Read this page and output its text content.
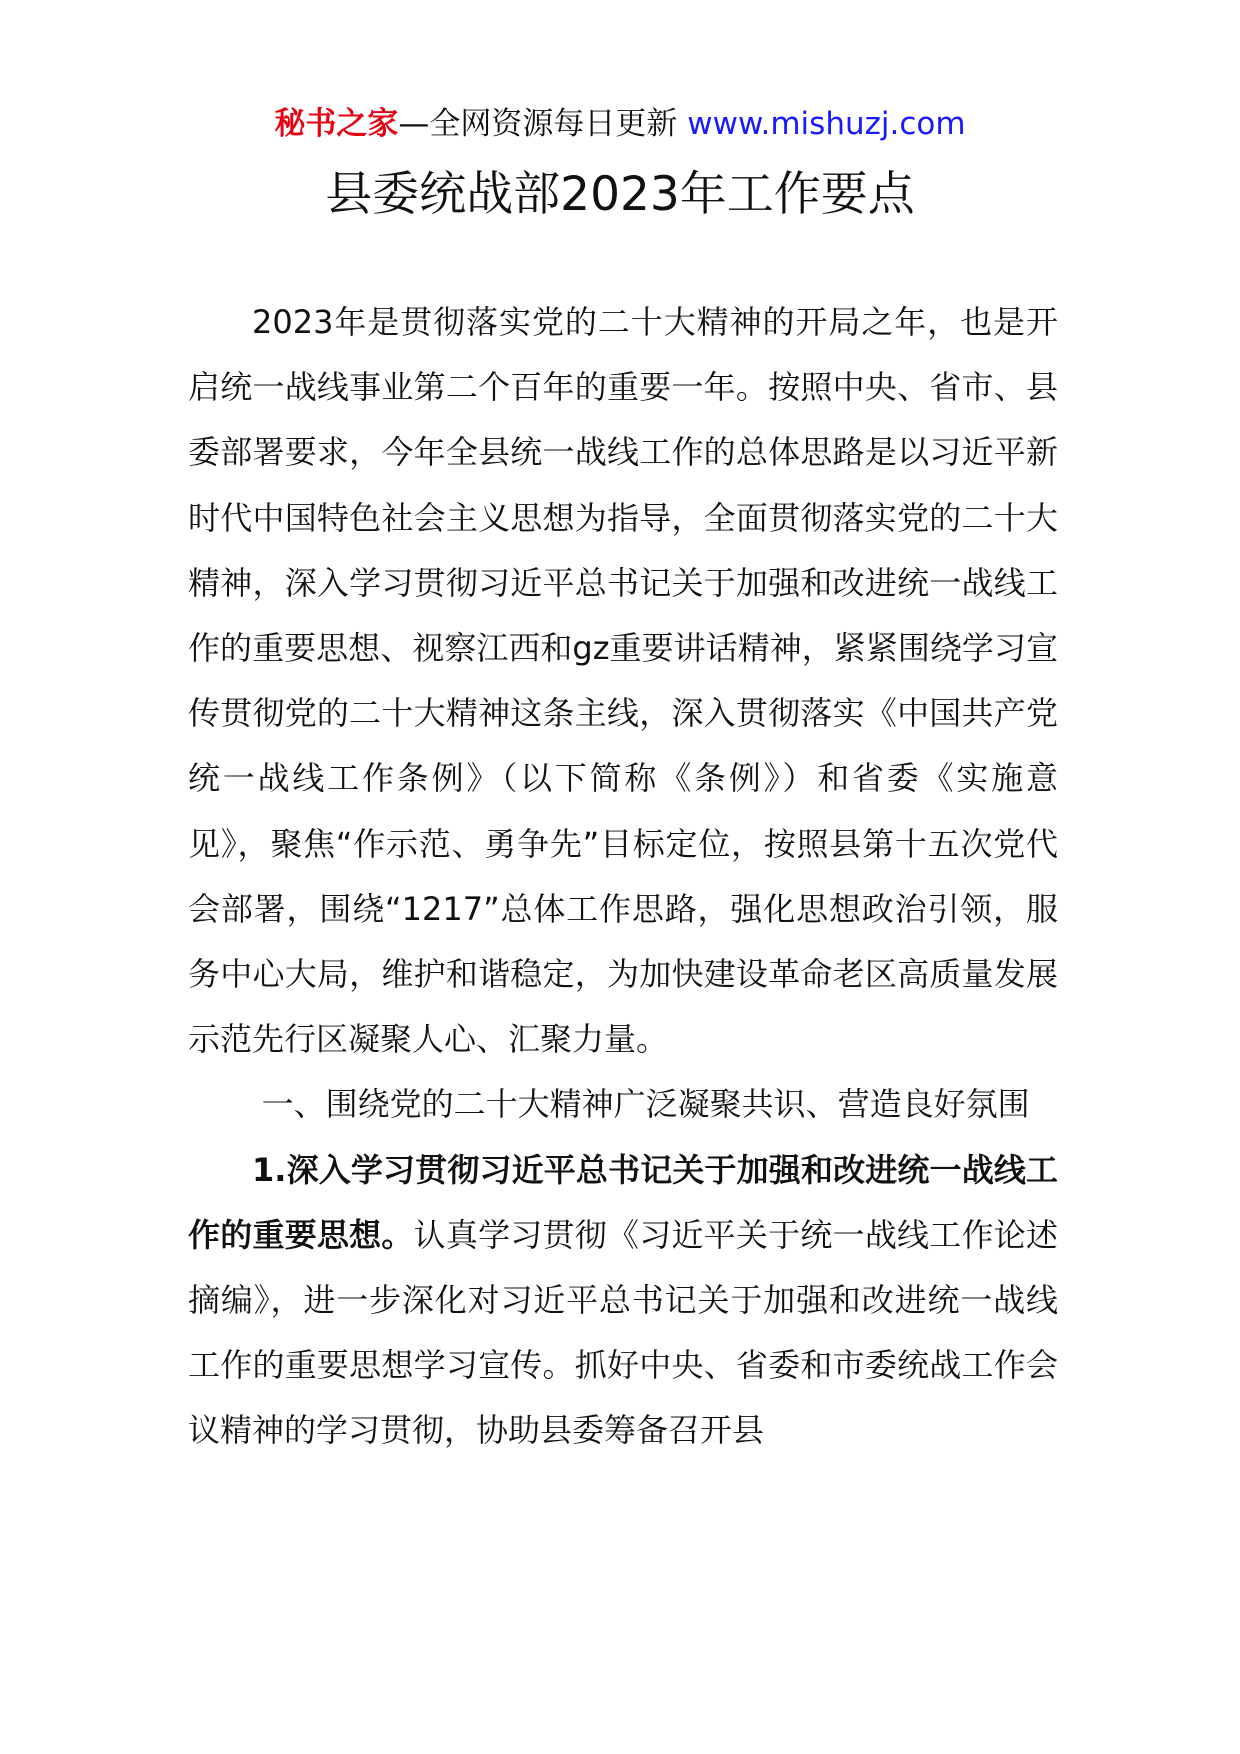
秘书之家—全网资源每日更新 www.mishuzj.com
县委统战部2023年工作要点

2023年是贯彻落实党的二十大精神的开局之年，也是开启统一战线事业第二个百年的重要一年。按照中央、省市、县委部署要求，今年全县统一战线工作的总体思路是以习近平新时代中国特色社会主义思想为指导，全面贯彻落实党的二十大精神，深入学习贯彻习近平总书记关于加强和改进统一战线工作的重要思想、视察江西和gz重要讲话精神，紧紧围绕学习宣传贯彻党的二十大精神这条主线，深入贯彻落实《中国共产党统一战线工作条例》（以下简称《条例》）和省委《实施意见》，聚焦“作示范、勇争先”目标定位，按照县第十五次党代会部署，围绕“1217”总体工作思路，强化思想政治引领，服务中心大局，维护和谐稳定，为加快建设革命老区高质量发展示范先行区凝聚人心、汇聚力量。

一、围绕党的二十大精神广泛凝聚共识、营造良好氛围

1.深入学习贯彻习近平总书记关于加强和改进统一战线工作的重要思想。认真学习贯彻《习近平关于统一战线工作论述摘编》，进一步深化对习近平总书记关于加强和改进统一战线工作的重要思想学习宣传。抓好中央、省委和市委统战工作会议精神的学习贯彻，协助县委筹备召开县
